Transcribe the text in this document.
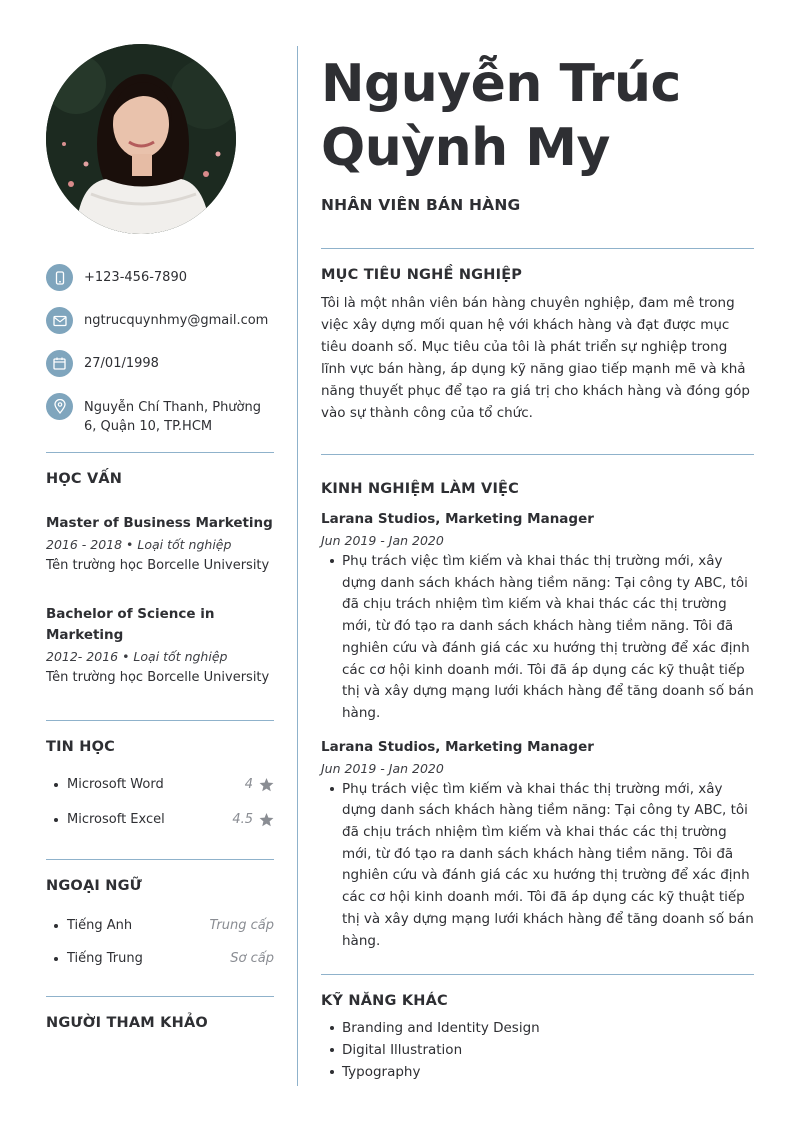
+123-456-7890
ngtrucquynhmy@gmail.com
27/01/1998
Nguyễn Chí Thanh, Phường 6, Quận 10, TP.HCM
HỌC VẤN
Master of Business Marketing
2016 - 2018 • Loại tốt nghiệp
Tên trường học Borcelle University
Bachelor of Science in Marketing
2012- 2016 • Loại tốt nghiệp
Tên trường học Borcelle University
TIN HỌC
Microsoft Word	4
Microsoft Excel	4.5
NGOẠI NGỮ
Tiếng Anh	Trung cấp
Tiếng Trung	Sơ cấp
NGƯỜI THAM KHẢO
Nguyễn Trúc
Quỳnh My
NHÂN VIÊN BÁN HÀNG
MỤC TIÊU NGHỀ NGHIỆP
Tôi là một nhân viên bán hàng chuyên nghiệp, đam mê trong việc xây dựng mối quan hệ với khách hàng và đạt được mục tiêu doanh số. Mục tiêu của tôi là phát triển sự nghiệp trong lĩnh vực bán hàng, áp dụng kỹ năng giao tiếp mạnh mẽ và khả năng thuyết phục để tạo ra giá trị cho khách hàng và đóng góp vào sự thành công của tổ chức.
KINH NGHIỆM LÀM VIỆC
Larana Studios, Marketing Manager
Jun 2019 - Jan 2020
Phụ trách việc tìm kiếm và khai thác thị trường mới, xây dựng danh sách khách hàng tiềm năng: Tại công ty ABC, tôi đã chịu trách nhiệm tìm kiếm và khai thác các thị trường mới, từ đó tạo ra danh sách khách hàng tiềm năng. Tôi đã nghiên cứu và đánh giá các xu hướng thị trường để xác định các cơ hội kinh doanh mới. Tôi đã áp dụng các kỹ thuật tiếp thị và xây dựng mạng lưới khách hàng để tăng doanh số bán hàng.
Larana Studios, Marketing Manager
Jun 2019 - Jan 2020
Phụ trách việc tìm kiếm và khai thác thị trường mới, xây dựng danh sách khách hàng tiềm năng: Tại công ty ABC, tôi đã chịu trách nhiệm tìm kiếm và khai thác các thị trường mới, từ đó tạo ra danh sách khách hàng tiềm năng. Tôi đã nghiên cứu và đánh giá các xu hướng thị trường để xác định các cơ hội kinh doanh mới. Tôi đã áp dụng các kỹ thuật tiếp thị và xây dựng mạng lưới khách hàng để tăng doanh số bán hàng.
KỸ NĂNG KHÁC
Branding and Identity Design
Digital Illustration
Typography
